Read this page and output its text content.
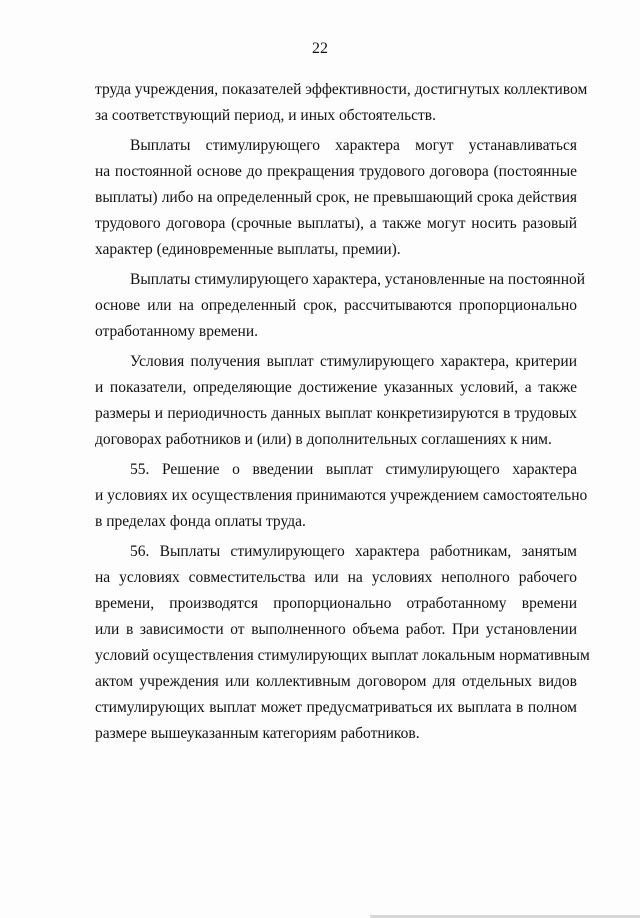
22
труда учреждения, показателей эффективности, достигнутых коллективом
за соответствующий период, и иных обстоятельств.
Выплаты стимулирующего характера могут устанавливаться
на постоянной основе до прекращения трудового договора (постоянные
выплаты) либо на определенный срок, не превышающий срока действия
трудового договора (срочные выплаты), а также могут носить разовый
характер (единовременные выплаты, премии).
Выплаты стимулирующего характера, установленные на постоянной
основе или на определенный срок, рассчитываются пропорционально
отработанному времени.
Условия получения выплат стимулирующего характера, критерии
и показатели, определяющие достижение указанных условий, а также
размеры и периодичность данных выплат конкретизируются в трудовых
договорах работников и (или) в дополнительных соглашениях к ним.
55. Решение о введении выплат стимулирующего характера
и условиях их осуществления принимаются учреждением самостоятельно
в пределах фонда оплаты труда.
56. Выплаты стимулирующего характера работникам, занятым
на условиях совместительства или на условиях неполного рабочего
времени, производятся пропорционально отработанному времени
или в зависимости от выполненного объема работ. При установлении
условий осуществления стимулирующих выплат локальным нормативным
актом учреждения или коллективным договором для отдельных видов
стимулирующих выплат может предусматриваться их выплата в полном
размере вышеуказанным категориям работников.
